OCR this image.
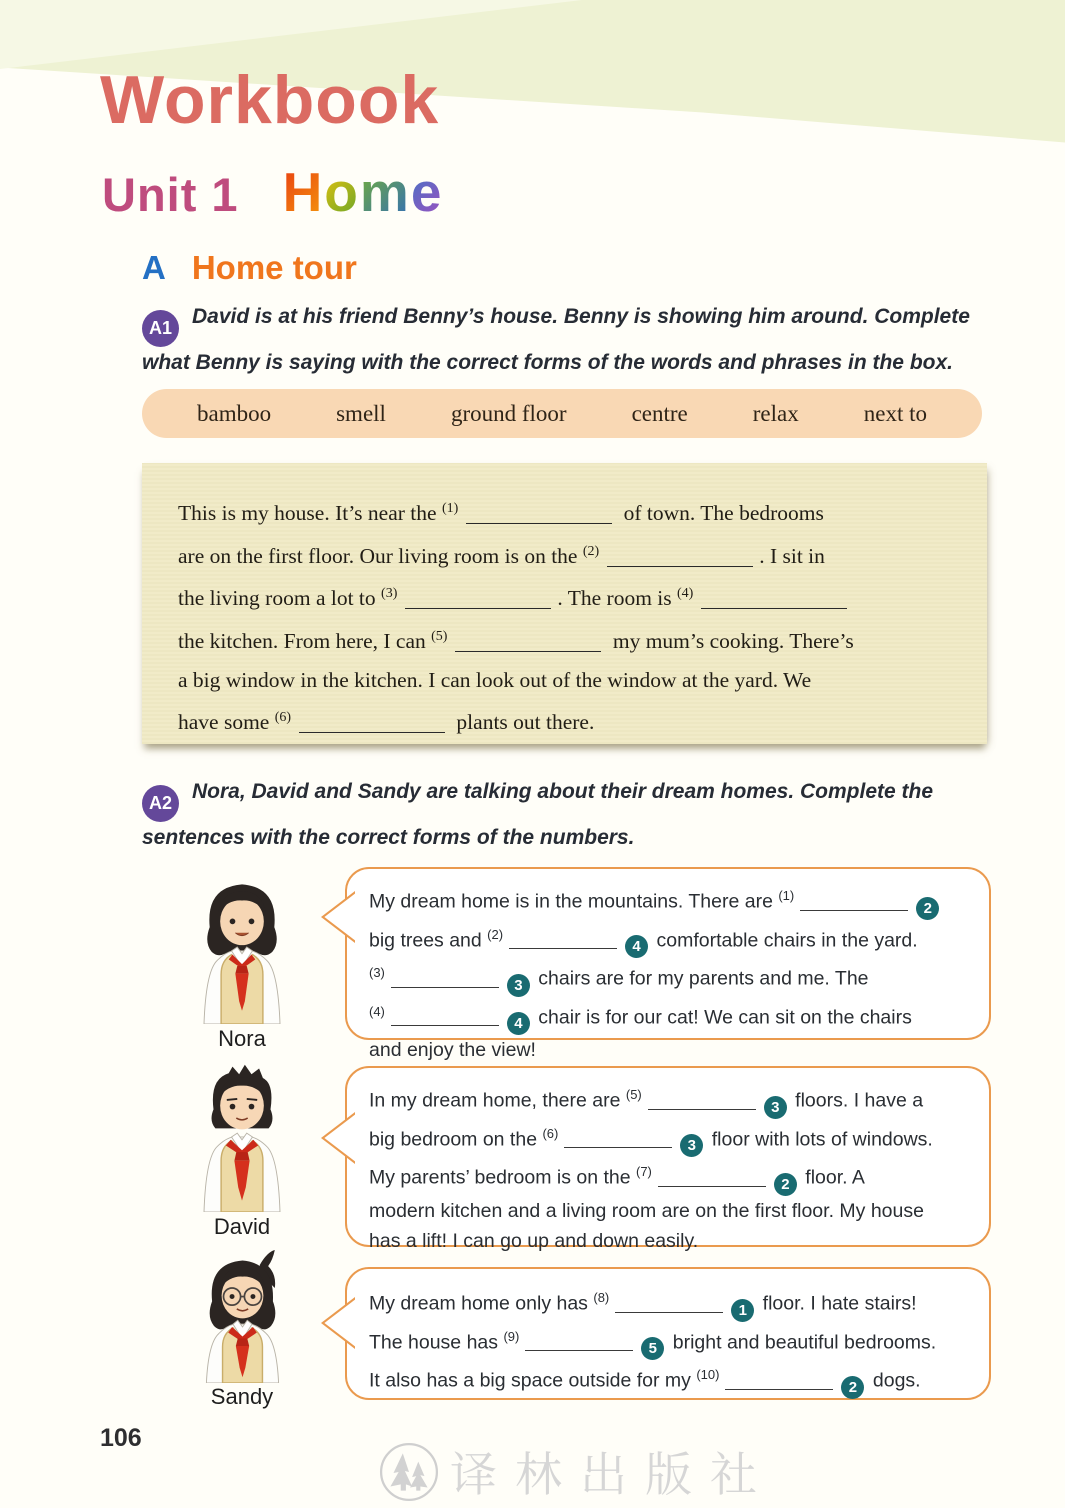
Workbook
Unit 1 Home
A Home tour

A1 David is at his friend Benny’s house. Benny is showing him around. Complete what Benny is saying with the correct forms of the words and phrases in the box.

bamboo	smell	ground floor	centre	relax	next to
This is my house. It’s near the $^{(1)}$	of town. The bedrooms
are on the first floor. Our living room is on the $^{(2)}$	. I sit in
the living room a lot to $^{(3)}$	. The room is $^{(4)}$
the kitchen. From here, I can $^{(5)}$	my mum’s cooking. There’s
a big window in the kitchen. I can look out of the window at the yard. We
have some $^{(6)}$	plants out there.

A2 Nora, David and Sandy are talking about their dream homes. Complete the sentences with the correct forms of the numbers.

Nora
My dream home is in the mountains. There are $^{(1)}$2
big trees and $^{(2)}$4 comfortable chairs in the yard.
$^{(3)}$3 chairs are for my parents and me. The
$^{(4)}$4 chair is for our cat! We can sit on the chairs
and enjoy the view!
David
In my dream home, there are $^{(5)}$3 floors. I have a
big bedroom on the $^{(6)}$3 floor with lots of windows.
My parents’ bedroom is on the $^{(7)}$2 floor. A
modern kitchen and a living room are on the first floor. My house
has a lift! I can go up and down easily.
Sandy
My dream home only has $^{(8)}$1 floor. I hate stairs!
The house has $^{(9)}$5 bright and beautiful bedrooms.
It also has a big space outside for my $^{(10)}$2 dogs.
106
译林出版社
